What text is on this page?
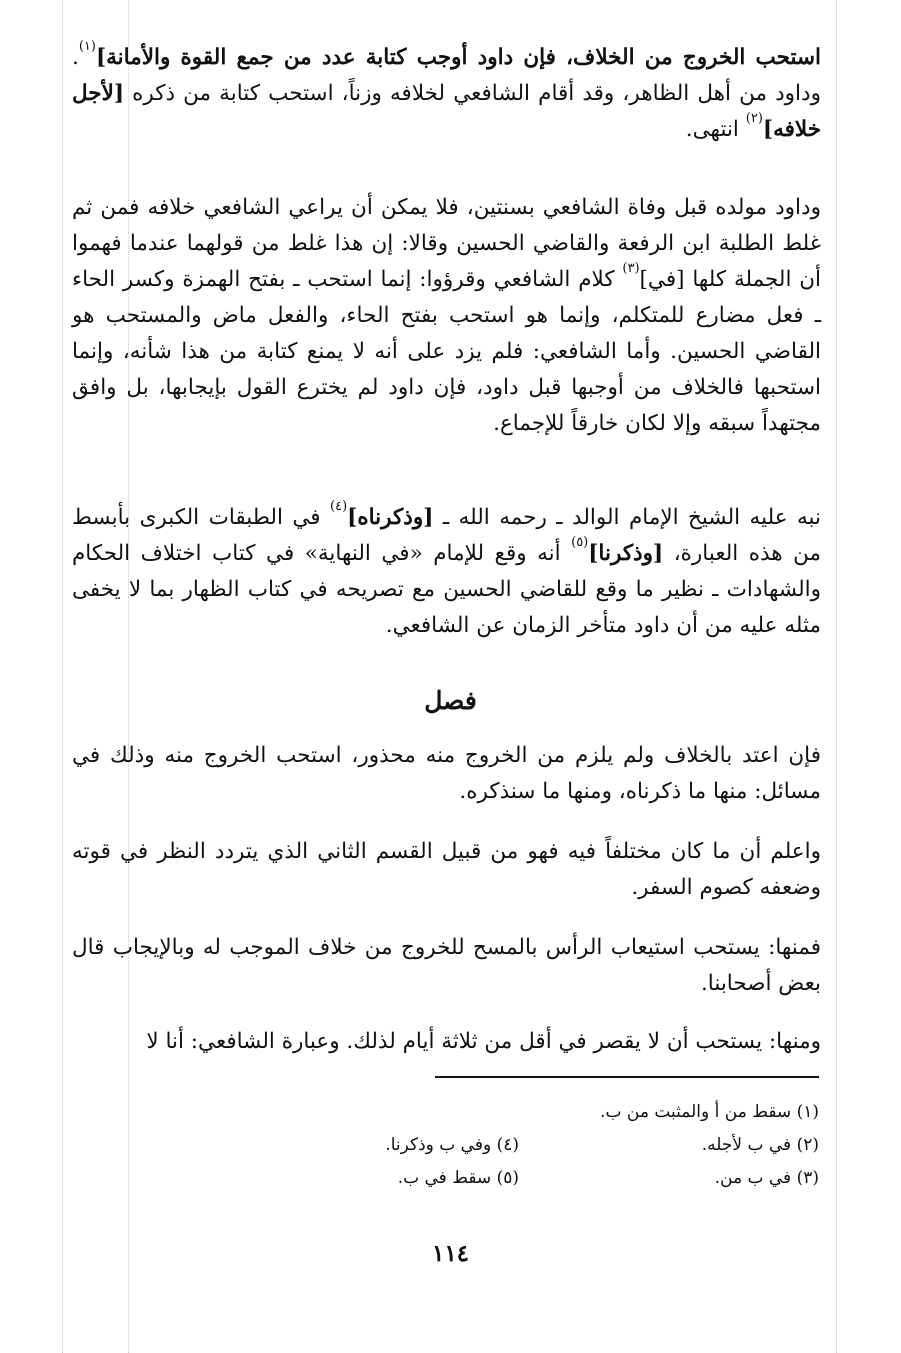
استحب الخروج من الخلاف، فإن داود أوجب كتابة عدد من جمع القوة والأمانة]$^{(١)}$. وداود من أهل الظاهر، وقد أقام الشافعي لخلافه وزناً، استحب كتابة من ذكره [لأجل خلافه]$^{(٢)}$ انتهى.

وداود مولده قبل وفاة الشافعي بسنتين، فلا يمكن أن يراعي الشافعي خلافه فمن ثم غلط الطلبة ابن الرفعة والقاضي الحسين وقالا: إن هذا غلط من قولهما عندما فهموا أن الجملة كلها [في]$^{(٣)}$ كلام الشافعي وقرؤوا: إنما استحب ـ بفتح الهمزة وكسر الحاء ـ فعل مضارع للمتكلم، وإنما هو استحب بفتح الحاء، والفعل ماض والمستحب هو القاضي الحسين. وأما الشافعي: فلم يزد على أنه لا يمنع كتابة من هذا شأنه، وإنما استحبها فالخلاف من أوجبها قبل داود، فإن داود لم يخترع القول بإيجابها، بل وافق مجتهداً سبقه وإلا لكان خارقاً للإجماع.

نبه عليه الشيخ الإمام الوالد ـ رحمه الله ـ [وذكرناه]$^{(٤)}$ في الطبقات الكبرى بأبسط من هذه العبارة، [وذكرنا]$^{(٥)}$ أنه وقع للإمام «في النهاية» في كتاب اختلاف الحكام والشهادات ـ نظير ما وقع للقاضي الحسين مع تصريحه في كتاب الظهار بما لا يخفى مثله عليه من أن داود متأخر الزمان عن الشافعي.

فصل

فإن اعتد بالخلاف ولم يلزم من الخروج منه محذور، استحب الخروج منه وذلك في مسائل: منها ما ذكرناه، ومنها ما سنذكره.

واعلم أن ما كان مختلفاً فيه فهو من قبيل القسم الثاني الذي يتردد النظر في قوته وضعفه كصوم السفر.

فمنها: يستحب استيعاب الرأس بالمسح للخروج من خلاف الموجب له وبالإيجاب قال بعض أصحابنا.

ومنها: يستحب أن لا يقصر في أقل من ثلاثة أيام لذلك. وعبارة الشافعي: أنا لا

(١) سقط من أ والمثبت من ب.
(٢) في ب لأجله.
(٤) وفي ب وذكرنا.
(٣) في ب من.
(٥) سقط في ب.
١١٤
